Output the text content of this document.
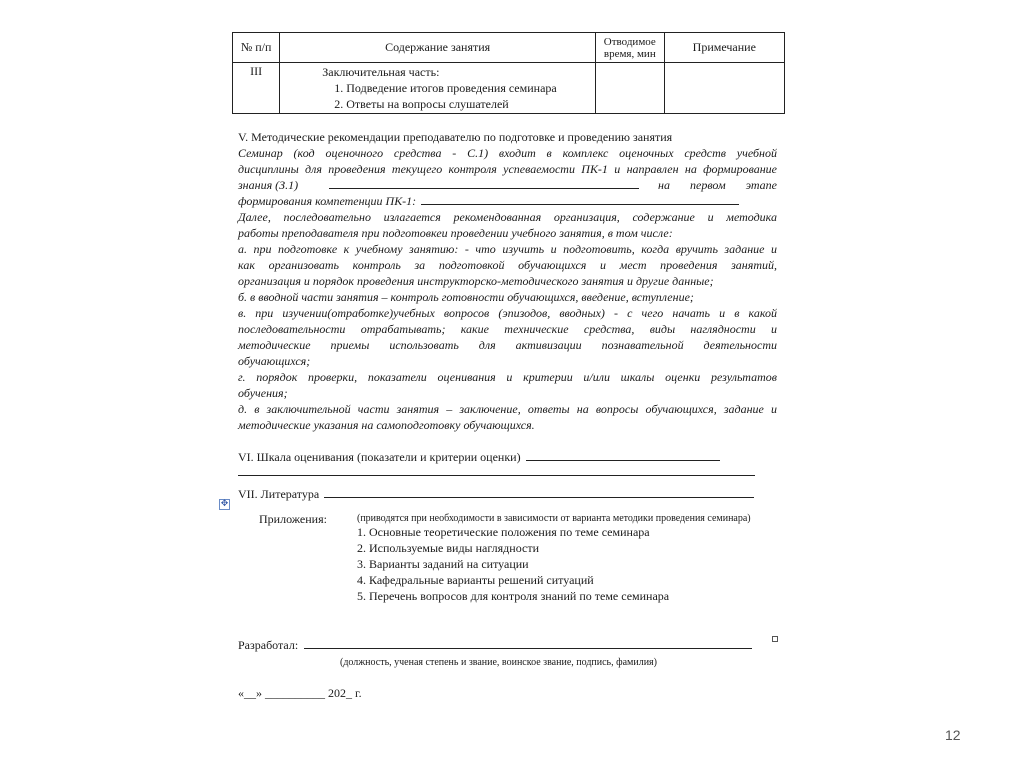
№ п/п	Содержание занятия	Отводимое время, мин	Примечание
III	Заключительная часть:
1. Подведение итогов проведения семинара
2. Ответы на вопросы слушателей		

V. Методические рекомендации преподавателю по подготовке и проведению занятия
Семинар (код оценочного средства - С.1) входит в комплекс оценочных средств учебной
дисциплины для проведения текущего контроля успеваемости ПК-1 и направлен на формирование
знания (З.1)	на первом этапе
формирования компетенции ПК-1:
Далее, последовательно излагается рекомендованная организация, содержание и методика
работы преподавателя при подготовкеи проведении учебного занятия, в том числе:
а. при подготовке к учебному занятию: - что изучить и подготовить, когда вручить задание и
как организовать контроль за подготовкой обучающихся и мест проведения занятий,
организация и порядок проведения инструкторско-методического занятия и другие данные;
б. в вводной части занятия – контроль готовности обучающихся, введение, вступление;
в. при изучении(отработке)учебных вопросов (эпизодов, вводных) - с чего начать и в какой
последовательности отрабатывать; какие технические средства, виды наглядности и
методические приемы использовать для активизации познавательной деятельности
обучающихся;
г. порядок проверки, показатели оценивания и критерии и/или шкалы оценки результатов
обучения;
д. в заключительной части занятия – заключение, ответы на вопросы обучающихся, задание и
методические указания на самоподготовку обучающихся.
VI. Шкала оценивания (показатели и критерии оценки)
✥
VII. Литература
Приложения:	(приводятся при необходимости в зависимости от варианта методики проведения семинара)
1. Основные теоретические положения по теме семинара
2. Используемые виды наглядности
3. Варианты заданий на ситуации
4. Кафедральные варианты решений ситуаций
5. Перечень вопросов для контроля знаний по теме семинара
Разработал:
(должность, ученая степень и звание, воинское звание, подпись, фамилия)
«__» __________ 202_ г.
12
